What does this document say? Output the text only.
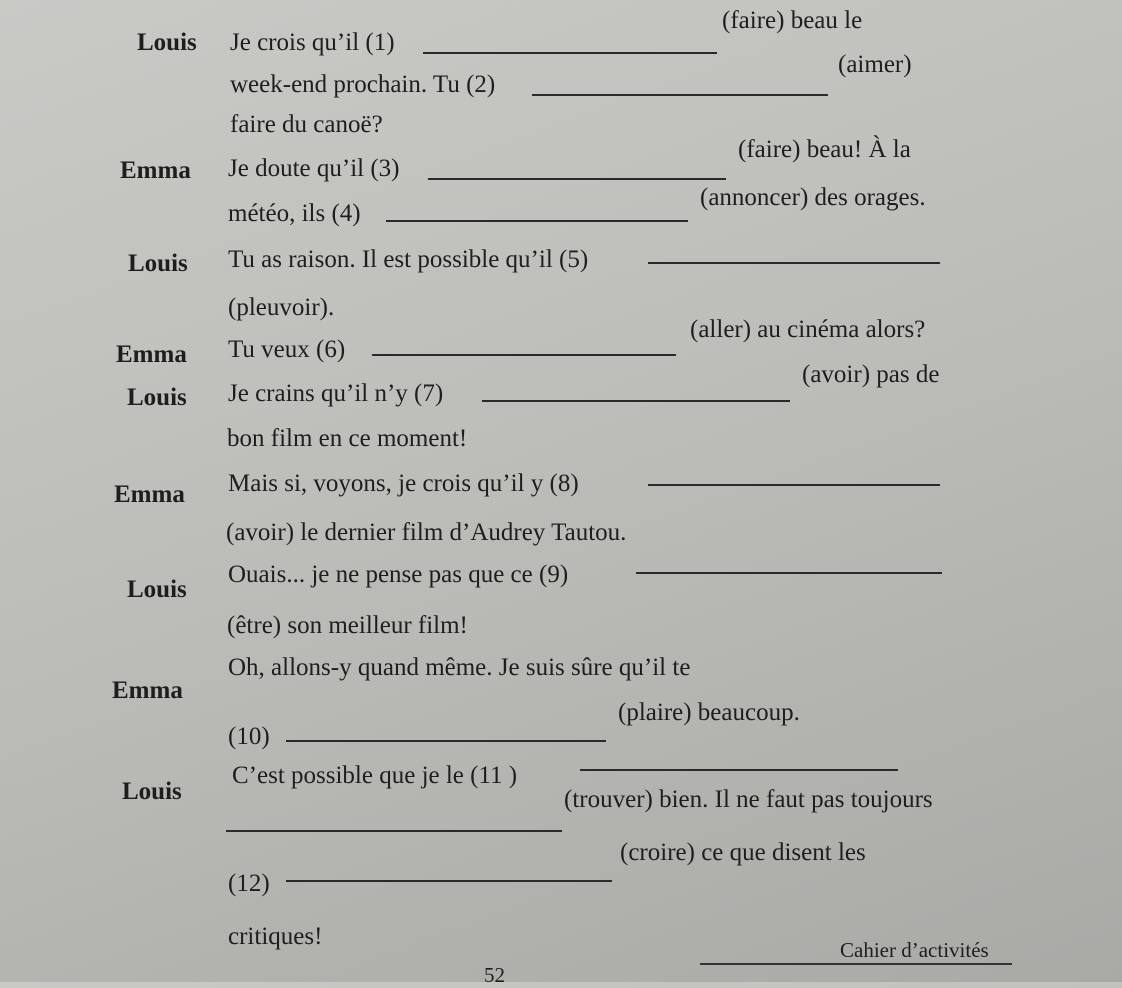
Louis Je crois qu’il (1)
(faire) beau le
week-end prochain. Tu (2)
(aimer)
faire du canoë?
Emma Je doute qu’il (3)
(faire) beau! À la
météo, ils (4)
(annoncer) des orages.
Louis Tu as raison. Il est possible qu’il (5)
(pleuvoir).
Emma Tu veux (6)
(aller) au cinéma alors?
Louis Je crains qu’il n’y (7)
(avoir) pas de
bon film en ce moment!
Emma Mais si, voyons, je crois qu’il y (8)
(avoir) le dernier film d’Audrey Tautou.
Louis
Ouais... je ne pense pas que ce (9)
(être) son meilleur film!
Emma
Oh, allons-y quand même. Je suis sûre qu’il te
(10)
(plaire) beaucoup.
Louis
C’est possible que je le (11 )
(trouver) bien. Il ne faut pas toujours
(12)
(croire) ce que disent les
critiques!
52
Cahier d’activités
